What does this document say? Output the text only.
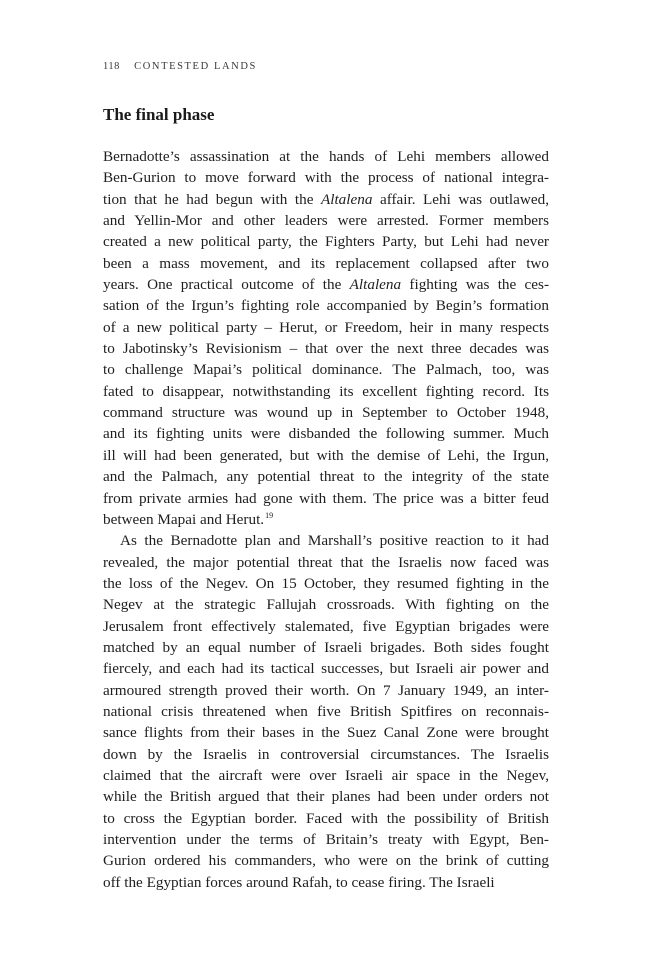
118 CONTESTED LANDS
The final phase
Bernadotte’s assassination at the hands of Lehi members allowed
Ben-Gurion to move forward with the process of national integra-
tion that he had begun with the Altalena affair. Lehi was outlawed,
and Yellin-Mor and other leaders were arrested. Former members
created a new political party, the Fighters Party, but Lehi had never
been a mass movement, and its replacement collapsed after two
years. One practical outcome of the Altalena fighting was the ces-
sation of the Irgun’s fighting role accompanied by Begin’s formation
of a new political party – Herut, or Freedom, heir in many respects
to Jabotinsky’s Revisionism – that over the next three decades was
to challenge Mapai’s political dominance. The Palmach, too, was
fated to disappear, notwithstanding its excellent fighting record. Its
command structure was wound up in September to October 1948,
and its fighting units were disbanded the following summer. Much
ill will had been generated, but with the demise of Lehi, the Irgun,
and the Palmach, any potential threat to the integrity of the state
from private armies had gone with them. The price was a bitter feud
between Mapai and Herut.$^{19}$
As the Bernadotte plan and Marshall’s positive reaction to it had
revealed, the major potential threat that the Israelis now faced was
the loss of the Negev. On 15 October, they resumed fighting in the
Negev at the strategic Fallujah crossroads. With fighting on the
Jerusalem front effectively stalemated, five Egyptian brigades were
matched by an equal number of Israeli brigades. Both sides fought
fiercely, and each had its tactical successes, but Israeli air power and
armoured strength proved their worth. On 7 January 1949, an inter-
national crisis threatened when five British Spitfires on reconnais-
sance flights from their bases in the Suez Canal Zone were brought
down by the Israelis in controversial circumstances. The Israelis
claimed that the aircraft were over Israeli air space in the Negev,
while the British argued that their planes had been under orders not
to cross the Egyptian border. Faced with the possibility of British
intervention under the terms of Britain’s treaty with Egypt, Ben-
Gurion ordered his commanders, who were on the brink of cutting
off the Egyptian forces around Rafah, to cease firing. The Israeli
